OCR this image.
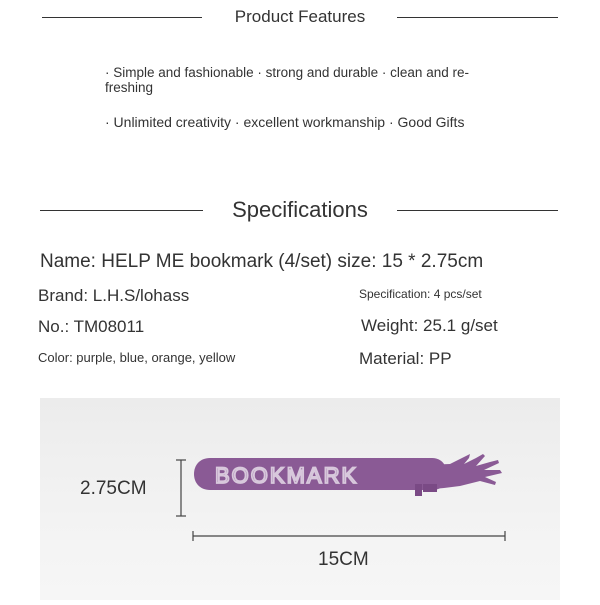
Product Features
· Simple and fashionable · strong and durable · clean and re-
freshing
· Unlimited creativity · excellent workmanship · Good Gifts
Specifications
Name: HELP ME bookmark (4/set) size: 15 * 2.75cm
Brand: L.H.S/lohass	Specification: 4 pcs/set
No.: TM08011	Weight: 25.1 g/set
Color: purple, blue, orange, yellow	Material: PP
BOOKMARK
2.75CM
15CM
